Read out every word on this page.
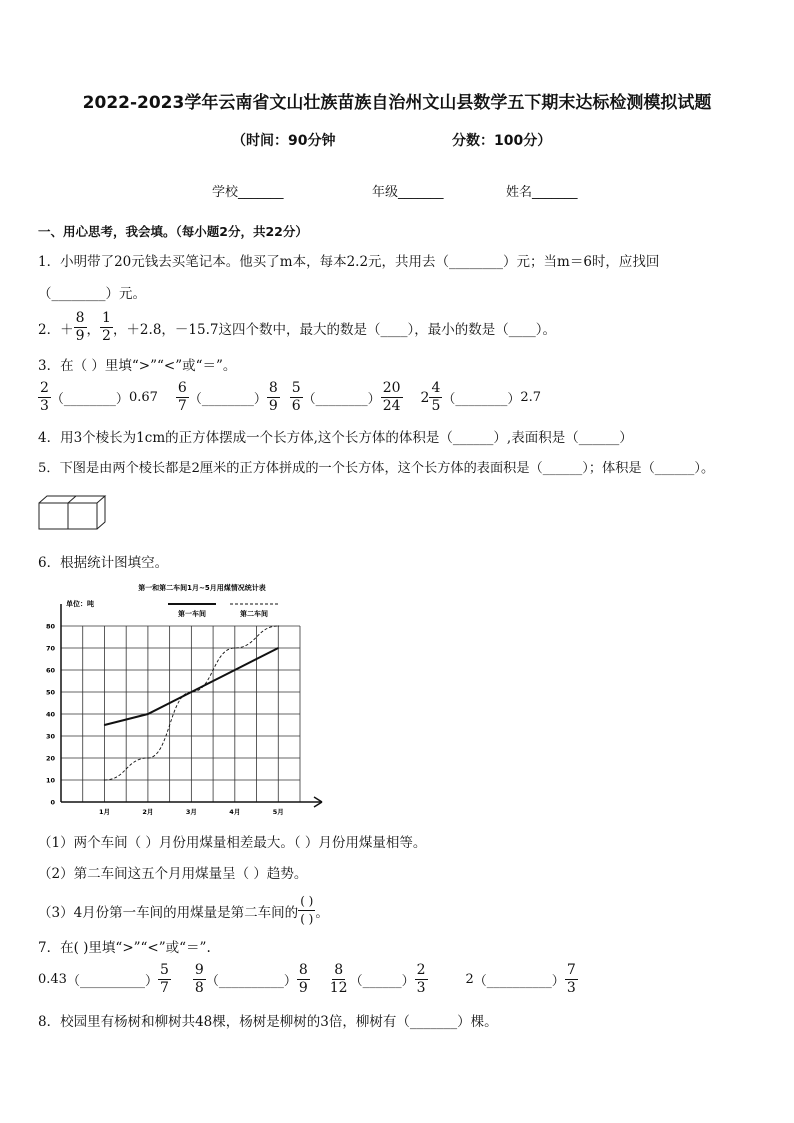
2022-2023学年云南省文山壮族苗族自治州文山县数学五下期末达标检测模拟试题
（时间：90分钟	分数：100分）
学校_______	年级_______	姓名_______
一、用心思考，我会填。（每小题2分，共22分）
1．小明带了20元钱去买笔记本。他买了m本，每本2.2元，共用去（________）元；当m＝6时，应找回
（________）元。
2．＋ $\frac{8}{9}$ ， $\frac{1}{2}$ ，＋2.8，－15.7这四个数中，最大的数是（____），最小的数是（____）。
3．在（ ）里填“>”“<”或“＝”。
$\frac{2}{3}$ （________） $0.67 \frac{6}{7}$ （________） $\frac{8}{9} \frac{5}{6}$ （________） $\frac{20}{24} 2 \frac{4}{5}$ （________） 2.7
4．用3个棱长为1cm的正方体摆成一个长方体,这个长方体的体积是（______）,表面积是（______）
5．下图是由两个棱长都是2厘米的正方体拼成的一个长方体，这个长方体的表面积是（______）；体积是（______）。
6．根据统计图填空。
第一和第二车间1月~5月用煤情况统计表
单位：吨
第一车间	第二车间
0
10
20
30
40
50
60
70
80
1月	2月	3月	4月	5月
（1）两个车间（ ）月份用煤量相差最大。（ ）月份用煤量相等。
（2）第二车间这五个月用煤量呈（ ）趋势。
（3）4月份第一车间的用煤量是第二车间的 $\frac{( )}{( )}$ 。
7．在( )里填“>”“<”或“＝”.
0.43 （__________） $\frac{5}{7} \frac{9}{8}$ （__________） $\frac{8}{9} \frac{8}{12}$ （______） $\frac{2}{3}$	2 （__________） $\frac{7}{3}$
8．校园里有杨树和柳树共48棵，杨树是柳树的3倍，柳树有（_______）棵。
